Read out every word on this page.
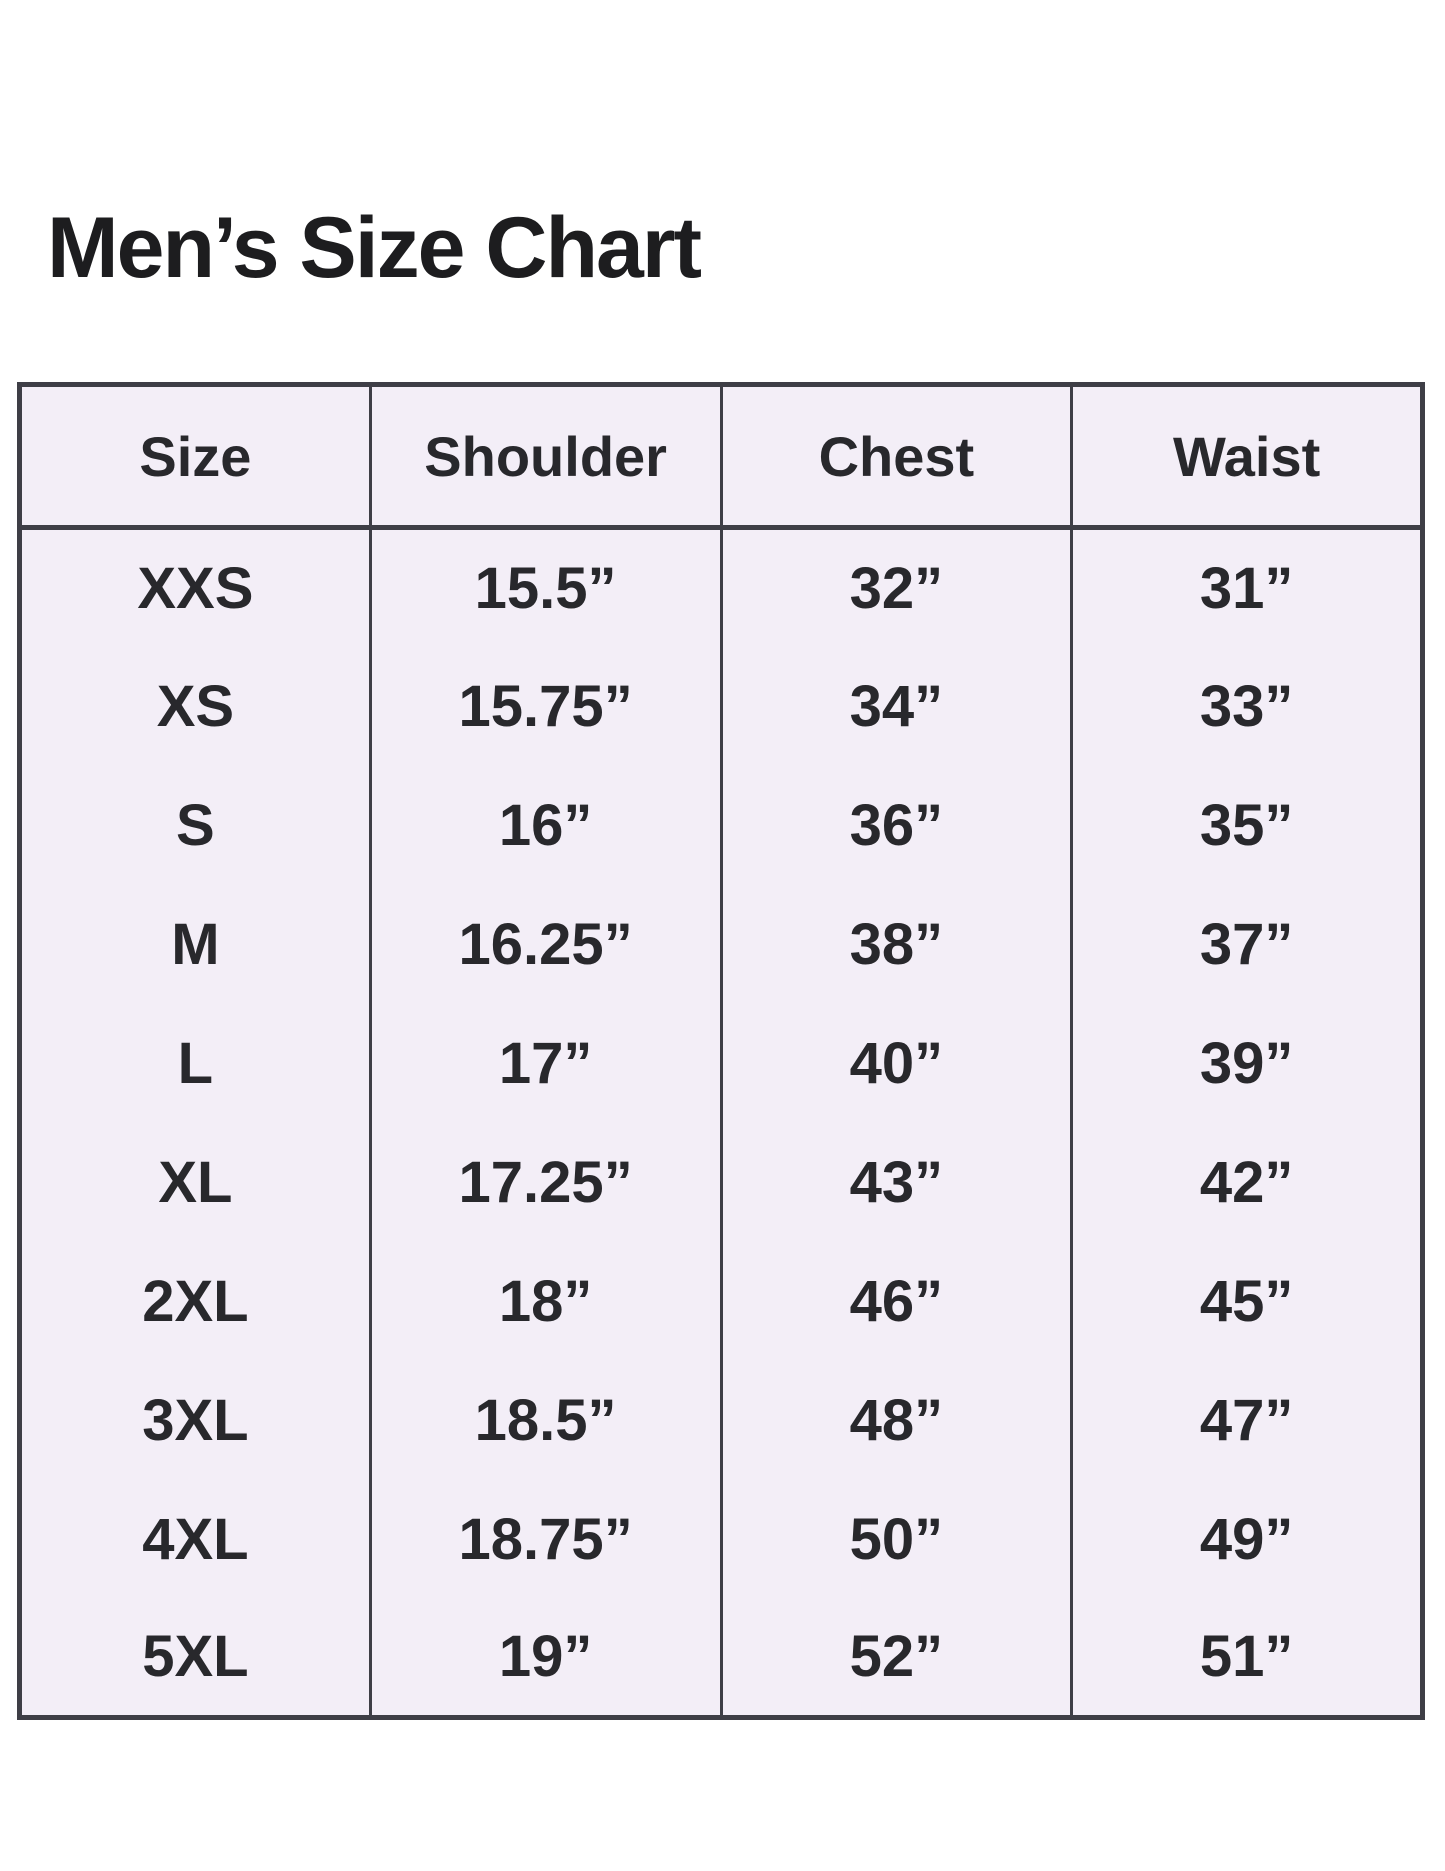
Men’s Size Chart
Size	Shoulder	Chest	Waist
XXS	15.5”	32”	31”
XS	15.75”	34”	33”
S	16”	36”	35”
M	16.25”	38”	37”
L	17”	40”	39”
XL	17.25”	43”	42”
2XL	18”	46”	45”
3XL	18.5”	48”	47”
4XL	18.75”	50”	49”
5XL	19”	52”	51”
